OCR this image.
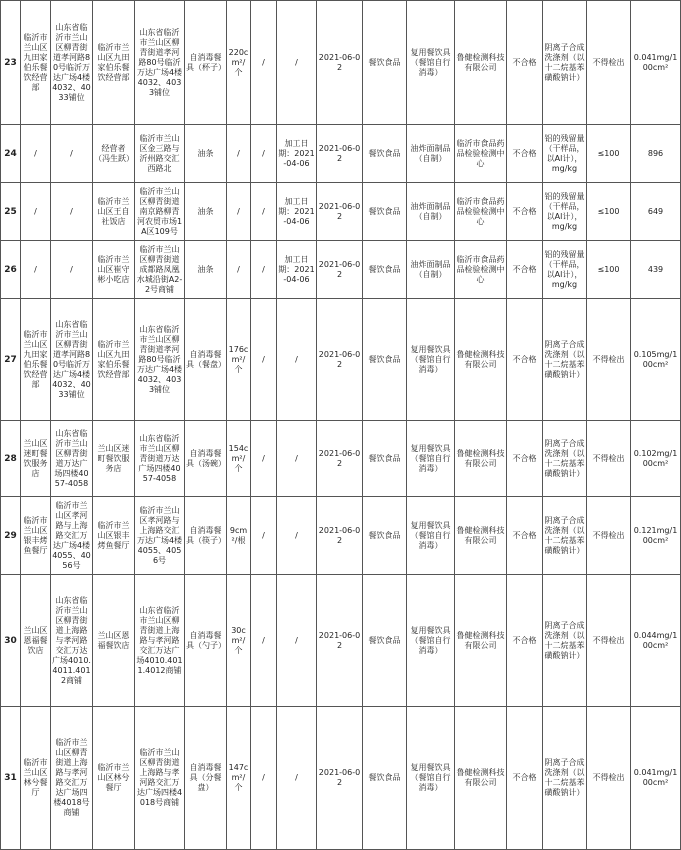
23	临沂市兰山区九田家伯乐餐饮经营部	山东省临沂市兰山区柳青街道孝河路80号临沂万达广场4楼4032、4033铺位	临沂市兰山区九田家伯乐餐饮经营部	山东省临沂市兰山区柳青街道孝河路80号临沂万达广场4楼4032、4033铺位	自消毒餐具（杯子）	220cm²/个	/	/	2021-06-02	餐饮食品	复用餐饮具（餐馆自行消毒）	鲁健检测科技有限公司	不合格	阴离子合成洗涤剂（以十二烷基苯磺酸钠计）	不得检出	0.041mg/100cm²
24	/	/	经营者（冯生跃）	临沂市兰山区金三路与沂州路交汇西路北	油条	/	/	加工日期：2021-04-06	2021-06-02	餐饮食品	油炸面制品（自制）	临沂市食品药品检验检测中心	不合格	铝的残留量（干样品，以Al计），mg/kg	≤100	896
25	/	/	临沂市兰山区王自社饭店	临沂市兰山区柳青街道南京路柳青河农贸市场1A区109号	油条	/	/	加工日期：2021-04-06	2021-06-02	餐饮食品	油炸面制品（自制）	临沂市食品药品检验检测中心	不合格	铝的残留量（干样品，以Al计），mg/kg	≤100	649
26	/	/	临沂市兰山区崔守彬小吃店	临沂市兰山区柳青街道成都路凤凰水城沿街A2-2号商铺	油条	/	/	加工日期：2021-04-06	2021-06-02	餐饮食品	油炸面制品（自制）	临沂市食品药品检验检测中心	不合格	铝的残留量（干样品，以Al计），mg/kg	≤100	439
27	临沂市兰山区九田家伯乐餐饮经营部	山东省临沂市兰山区柳青街道孝河路80号临沂万达广场4楼4032、4033铺位	临沂市兰山区九田家伯乐餐饮经营部	山东省临沂市兰山区柳青街道孝河路80号临沂万达广场4楼4032、4033铺位	自消毒餐具（餐盘）	176cm²/个	/	/	2021-06-02	餐饮食品	复用餐饮具（餐馆自行消毒）	鲁健检测科技有限公司	不合格	阴离子合成洗涤剂（以十二烷基苯磺酸钠计）	不得检出	0.105mg/100cm²
28	兰山区迷町餐饮服务店	山东省临沂市兰山区柳青街道万达广场四楼4057-4058	兰山区迷町餐饮服务店	山东省临沂市兰山区柳青街道万达广场四楼4057-4058	自消毒餐具（汤碗）	154cm²/个	/	/	2021-06-02	餐饮食品	复用餐饮具（餐馆自行消毒）	鲁健检测科技有限公司	不合格	阴离子合成洗涤剂（以十二烷基苯磺酸钠计）	不得检出	0.102mg/100cm²
29	临沂市兰山区银丰烤鱼餐厅	临沂市兰山区孝河路与上海路交汇万达广场4楼4055、4056号	临沂市兰山区银丰烤鱼餐厅	临沂市兰山区孝河路与上海路交汇万达广场4楼4055、4056号	自消毒餐具（筷子）	9cm²/根	/	/	2021-06-02	餐饮食品	复用餐饮具（餐馆自行消毒）	鲁健检测科技有限公司	不合格	阴离子合成洗涤剂（以十二烷基苯磺酸钠计）	不得检出	0.121mg/100cm²
30	兰山区恩福餐饮店	山东省临沂市兰山区柳青街道上海路与孝河路交汇万达广场4010.4011.4012商铺	兰山区恩福餐饮店	山东省临沂市兰山区柳青街道上海路与孝河路交汇万达广场4010.4011.4012商铺	自消毒餐具（勺子）	30cm²/个	/	/	2021-06-02	餐饮食品	复用餐饮具（餐馆自行消毒）	鲁健检测科技有限公司	不合格	阴离子合成洗涤剂（以十二烷基苯磺酸钠计）	不得检出	0.044mg/100cm²
31	临沂市兰山区林兮餐厅	临沂市兰山区柳青街道上海路与孝河路交汇万达广场四楼4018号商铺	临沂市兰山区林兮餐厅	临沂市兰山区柳青街道上海路与孝河路交汇万达广场四楼4018号商铺	自消毒餐具（分餐盘）	147cm²/个	/	/	2021-06-02	餐饮食品	复用餐饮具（餐馆自行消毒）	鲁健检测科技有限公司	不合格	阴离子合成洗涤剂（以十二烷基苯磺酸钠计）	不得检出	0.041mg/100cm²
